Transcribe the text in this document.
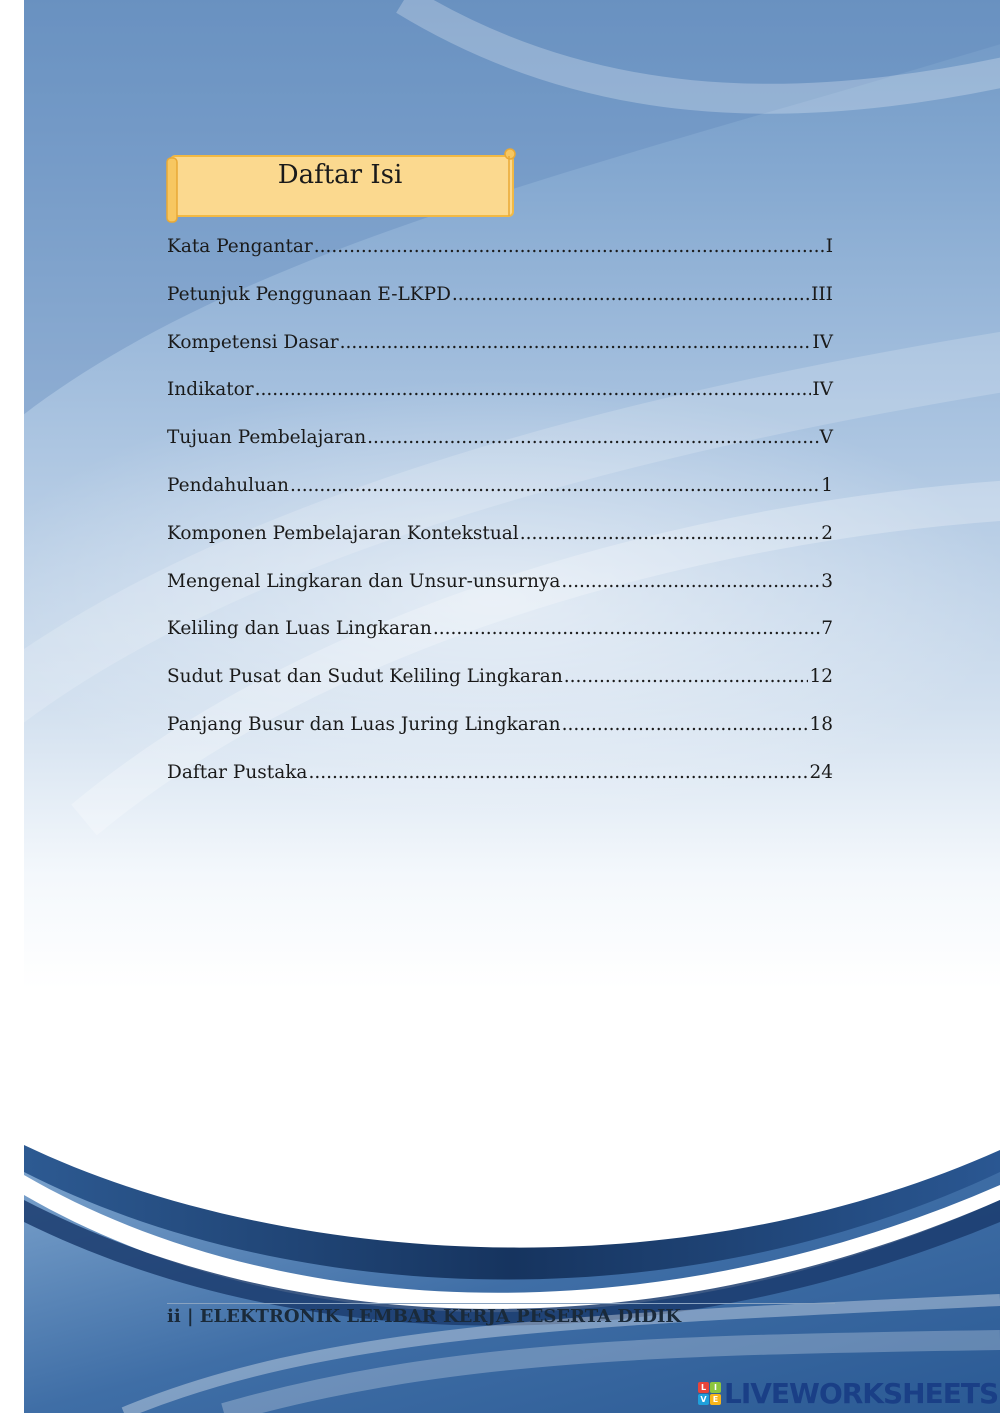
Daftar Isi
Kata Pengantar .....	I
Petunjuk Penggunaan E-LKPD .....	III
Kompetensi Dasar .....	IV
Indikator .....	IV
Tujuan Pembelajaran .....	V
Pendahuluan .....	1
Komponen Pembelajaran Kontekstual .....	2
Mengenal Lingkaran dan Unsur-unsurnya .....	3
Keliling dan Luas Lingkaran .....	7
Sudut Pusat dan Sudut Keliling Lingkaran .....	12
Panjang Busur dan Luas Juring Lingkaran .....	18
Daftar Pustaka .....	24
ii | ELEKTRONIK LEMBAR KERJA PESERTA DIDIK
L I
V E LIVEWORKSHEETS
